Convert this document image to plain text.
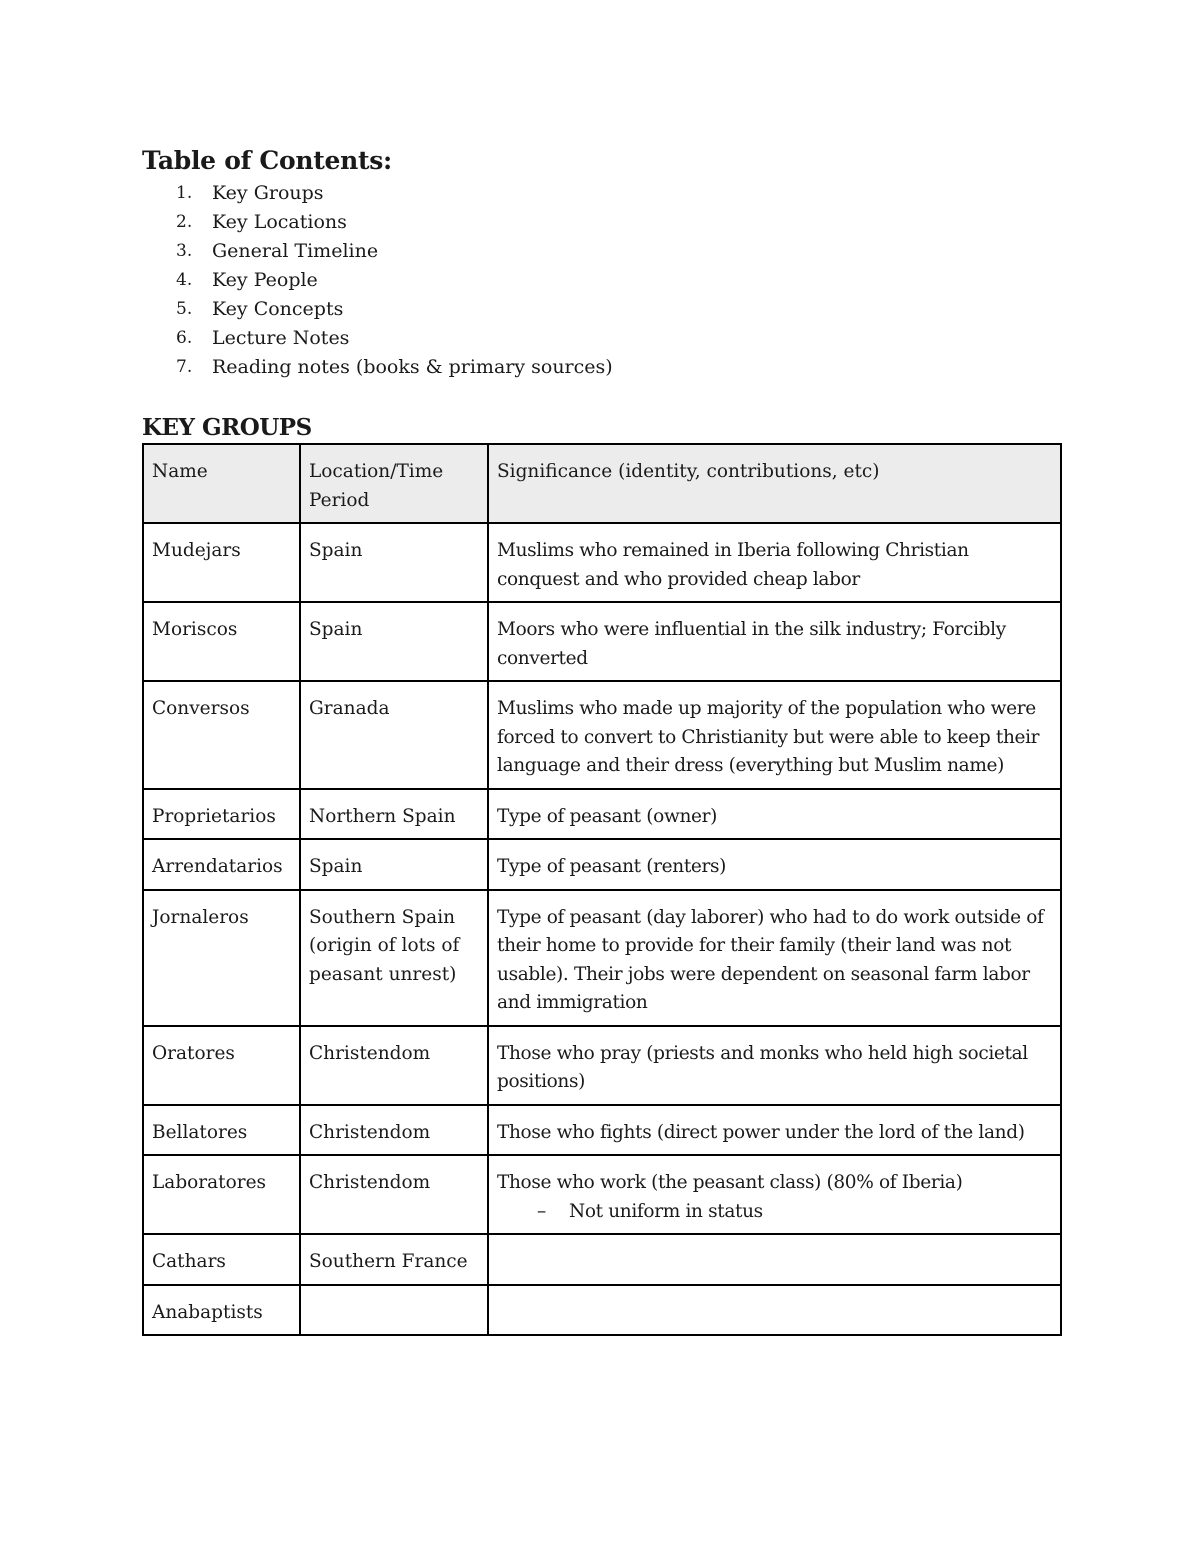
Table of Contents:
1. Key Groups
2. Key Locations
3. General Timeline
4. Key People
5. Key Concepts
6. Lecture Notes
7. Reading notes (books & primary sources)
KEY GROUPS
Name	Location/Time Period	Significance (identity, contributions, etc)
Mudejars	Spain	Muslims who remained in Iberia following Christian conquest and who provided cheap labor
Moriscos	Spain	Moors who were influential in the silk industry; Forcibly converted
Conversos	Granada	Muslims who made up majority of the population who were forced to convert to Christianity but were able to keep their language and their dress (everything but Muslim name)
Proprietarios	Northern Spain	Type of peasant (owner)
Arrendatarios	Spain	Type of peasant (renters)
Jornaleros	Southern Spain (origin of lots of peasant unrest)	Type of peasant (day laborer) who had to do work outside of their home to provide for their family (their land was not usable). Their jobs were dependent on seasonal farm labor and immigration
Oratores	Christendom	Those who pray (priests and monks who held high societal positions)
Bellatores	Christendom	Those who fights (direct power under the lord of the land)
Laboratores	Christendom	Those who work (the peasant class) (80% of Iberia)
– Not uniform in status

Cathars	Southern France	

Anabaptists	
